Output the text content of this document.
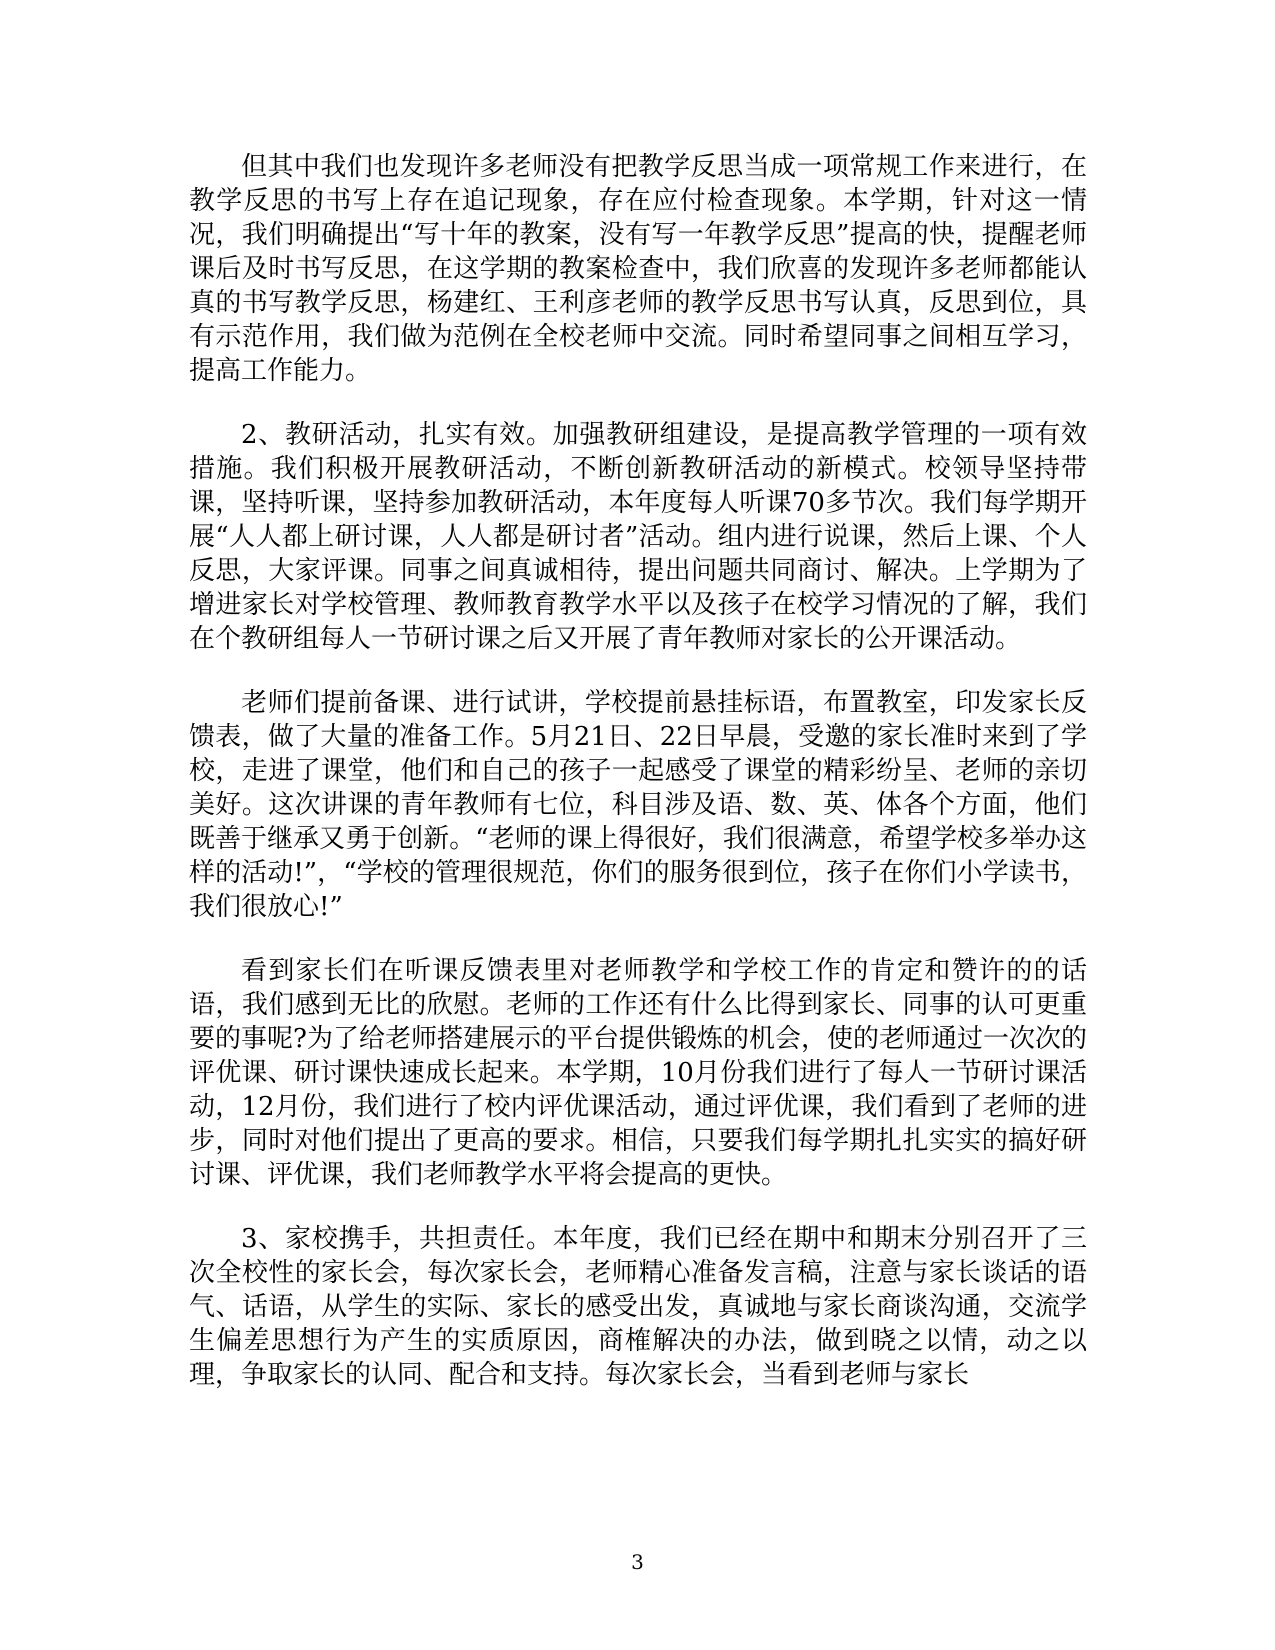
但其中我们也发现许多老师没有把教学反思当成一项常规工作来进行，在教学反思的书写上存在追记现象，存在应付检查现象。本学期，针对这一情况，我们明确提出“写十年的教案，没有写一年教学反思”提高的快，提醒老师课后及时书写反思，在这学期的教案检查中，我们欣喜的发现许多老师都能认真的书写教学反思，杨建红、王利彦老师的教学反思书写认真，反思到位，具有示范作用，我们做为范例在全校老师中交流。同时希望同事之间相互学习，提高工作能力。

2、教研活动，扎实有效。加强教研组建设，是提高教学管理的一项有效措施。我们积极开展教研活动，不断创新教研活动的新模式。校领导坚持带课，坚持听课，坚持参加教研活动，本年度每人听课70多节次。我们每学期开展“人人都上研讨课，人人都是研讨者”活动。组内进行说课，然后上课、个人反思，大家评课。同事之间真诚相待，提出问题共同商讨、解决。上学期为了增进家长对学校管理、教师教育教学水平以及孩子在校学习情况的了解，我们在个教研组每人一节研讨课之后又开展了青年教师对家长的公开课活动。

老师们提前备课、进行试讲，学校提前悬挂标语，布置教室，印发家长反馈表，做了大量的准备工作。5月21日、22日早晨，受邀的家长准时来到了学校，走进了课堂，他们和自己的孩子一起感受了课堂的精彩纷呈、老师的亲切美好。这次讲课的青年教师有七位，科目涉及语、数、英、体各个方面，他们既善于继承又勇于创新。“老师的课上得很好，我们很满意，希望学校多举办这样的活动!”，“学校的管理很规范，你们的服务很到位，孩子在你们小学读书，我们很放心!”

看到家长们在听课反馈表里对老师教学和学校工作的肯定和赞许的的话语，我们感到无比的欣慰。老师的工作还有什么比得到家长、同事的认可更重要的事呢?为了给老师搭建展示的平台提供锻炼的机会，使的老师通过一次次的评优课、研讨课快速成长起来。本学期，10月份我们进行了每人一节研讨课活动，12月份，我们进行了校内评优课活动，通过评优课，我们看到了老师的进步，同时对他们提出了更高的要求。相信，只要我们每学期扎扎实实的搞好研讨课、评优课，我们老师教学水平将会提高的更快。

3、家校携手，共担责任。本年度，我们已经在期中和期末分别召开了三次全校性的家长会，每次家长会，老师精心准备发言稿，注意与家长谈话的语气、话语，从学生的实际、家长的感受出发，真诚地与家长商谈沟通，交流学生偏差思想行为产生的实质原因，商榷解决的办法，做到晓之以情，动之以理，争取家长的认同、配合和支持。每次家长会，当看到老师与家长

3
